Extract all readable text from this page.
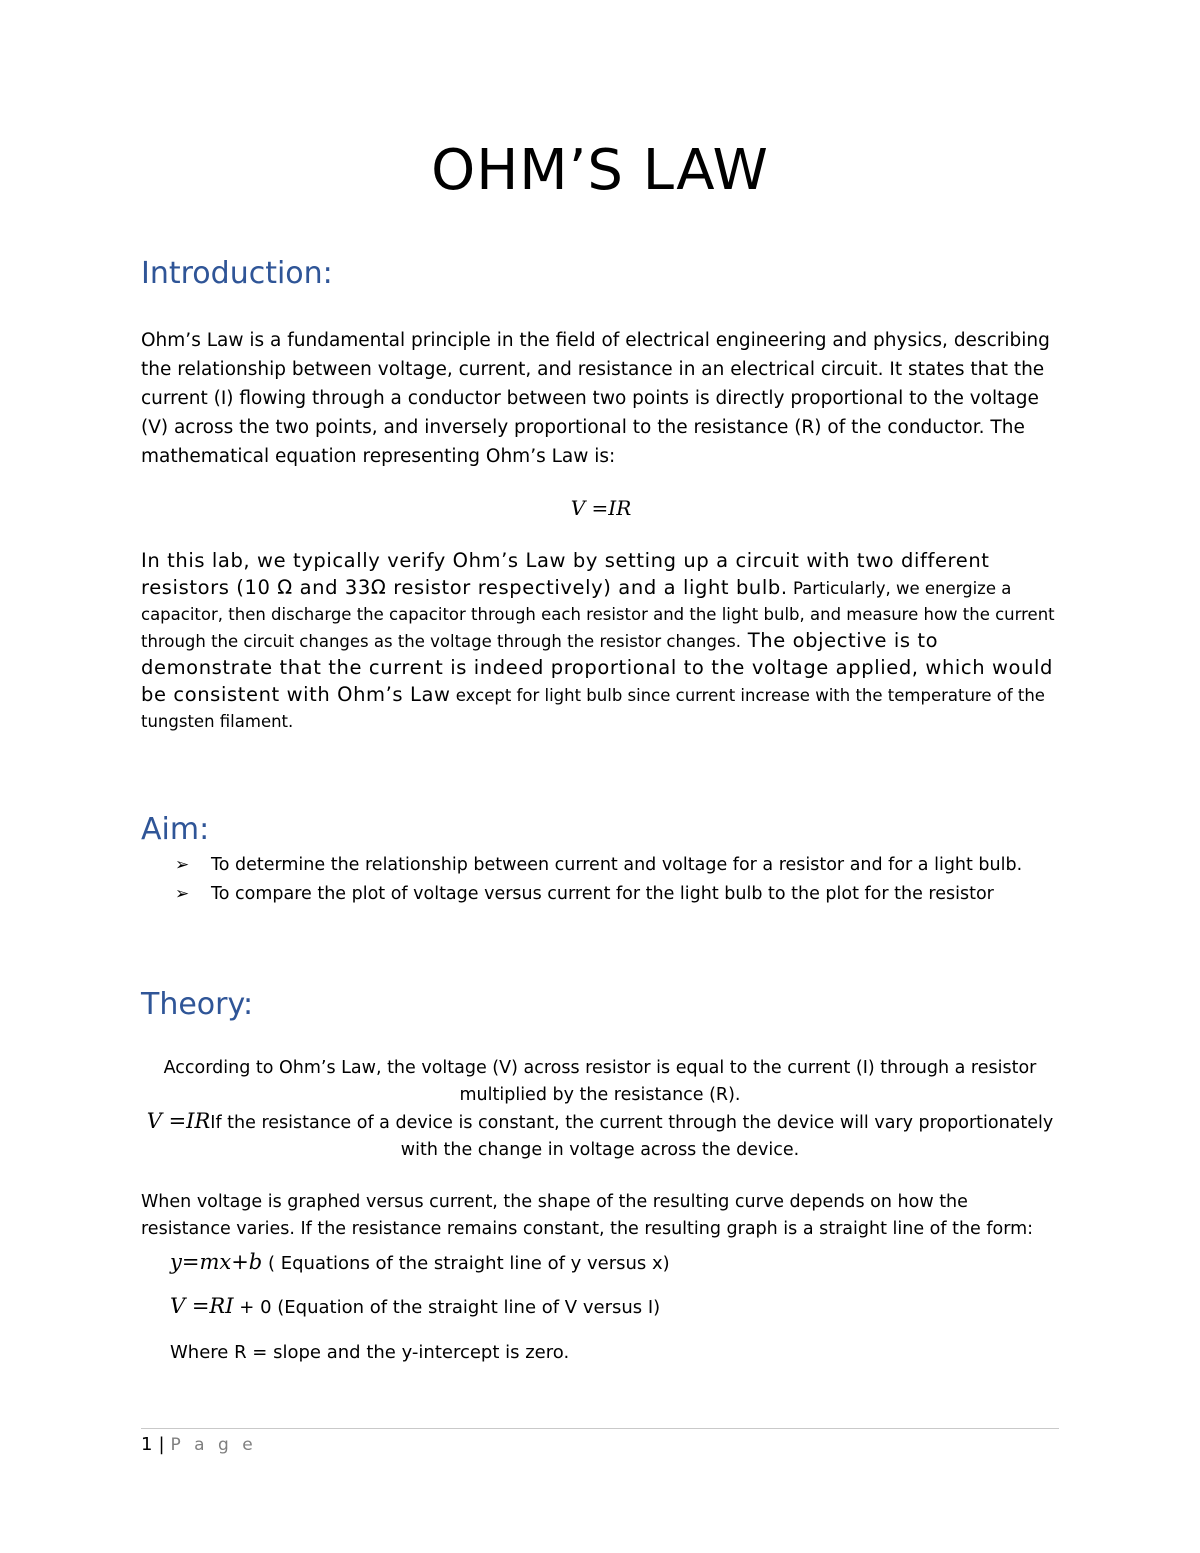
OHM’S LAW
Introduction:
Ohm’s Law is a fundamental principle in the field of electrical engineering and physics, describing the relationship between voltage, current, and resistance in an electrical circuit. It states that the current (I) flowing through a conductor between two points is directly proportional to the voltage (V) across the two points, and inversely proportional to the resistance (R) of the conductor. The mathematical equation representing Ohm’s Law is:
V =IR
In this lab, we typically verify Ohm’s Law by setting up a circuit with two different resistors (10 Ω and 33Ω resistor respectively) and a light bulb. Particularly, we energize a capacitor, then discharge the capacitor through each resistor and the light bulb, and measure how the current through the circuit changes as the voltage through the resistor changes. The objective is to demonstrate that the current is indeed proportional to the voltage applied, which would be consistent with Ohm’s Law except for light bulb since current increase with the temperature of the tungsten filament.
Aim:
➢ To determine the relationship between current and voltage for a resistor and for a light bulb.
➢ To compare the plot of voltage versus current for the light bulb to the plot for the resistor
Theory:
According to Ohm’s Law, the voltage (V) across resistor is equal to the current (I) through a resistor multiplied by the resistance (R).
V =IRIf the resistance of a device is constant, the current through the device will vary proportionately with the change in voltage across the device.
When voltage is graphed versus current, the shape of the resulting curve depends on how the resistance varies. If the resistance remains constant, the resulting graph is a straight line of the form:
y=mx+b ( Equations of the straight line of y versus x)
V =RI + 0 (Equation of the straight line of V versus I)
Where R = slope and the y-intercept is zero.
1 | P a g e
